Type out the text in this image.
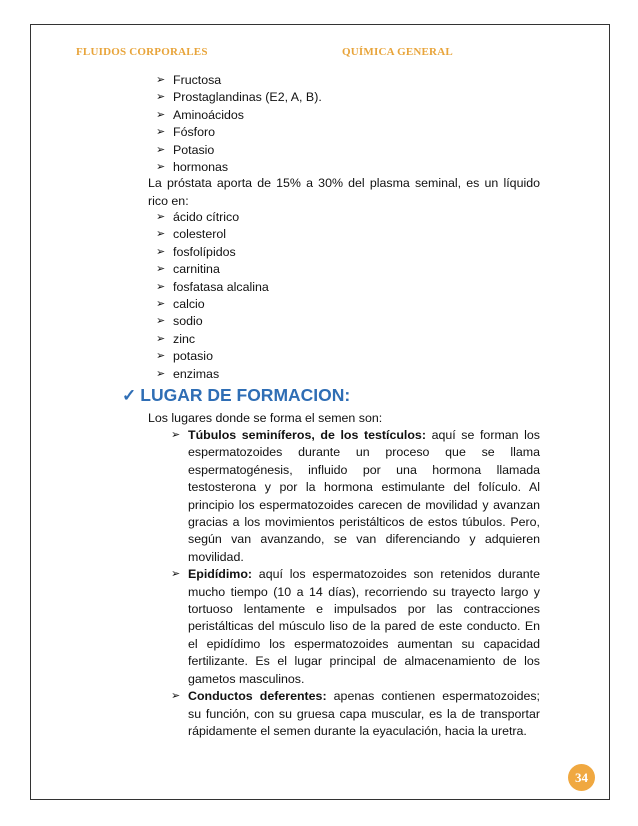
FLUIDOS CORPORALES	QUÍMICA GENERAL
➢ Fructosa
➢ Prostaglandinas (E2, A, B).
➢ Aminoácidos
➢ Fósforo
➢ Potasio
➢ hormonas
La próstata aporta de 15% a 30% del plasma seminal, es un líquido rico en:
➢ ácido cítrico
➢ colesterol
➢ fosfolípidos
➢ carnitina
➢ fosfatasa alcalina
➢ calcio
➢ sodio
➢ zinc
➢ potasio
➢ enzimas
✓ LUGAR DE FORMACION:
Los lugares donde se forma el semen son:
➢ Túbulos seminíferos, de los testículos: aquí se forman los espermatozoides durante un proceso que se llama espermatogénesis, influido por una hormona llamada testosterona y por la hormona estimulante del folículo. Al principio los espermatozoides carecen de movilidad y avanzan gracias a los movimientos peristálticos de estos túbulos. Pero, según van avanzando, se van diferenciando y adquieren movilidad.
➢ Epidídimo: aquí los espermatozoides son retenidos durante mucho tiempo (10 a 14 días), recorriendo su trayecto largo y tortuoso lentamente e impulsados por las contracciones peristálticas del músculo liso de la pared de este conducto. En el epidídimo los espermatozoides aumentan su capacidad fertilizante. Es el lugar principal de almacenamiento de los gametos masculinos.
➢ Conductos deferentes: apenas contienen espermatozoides; su función, con su gruesa capa muscular, es la de transportar rápidamente el semen durante la eyaculación, hacia la uretra.
34
